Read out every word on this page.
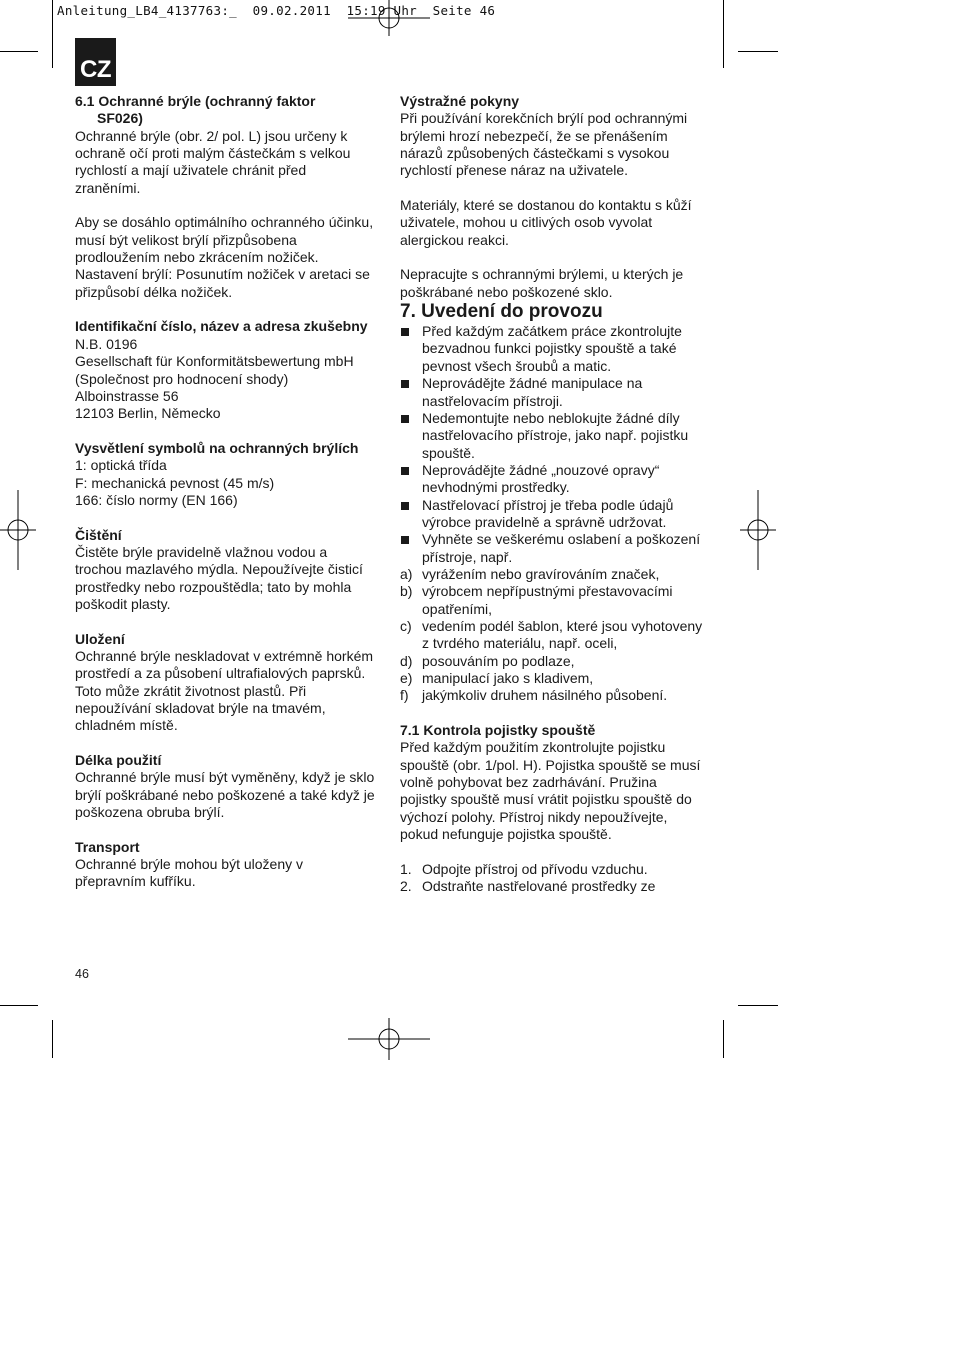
Anleitung_LB4_4137763:_  09.02.2011  15:19 Uhr  Seite 46
CZ

6.1 Ochranné brýle (ochranný faktor

SF026)

Ochranné brýle (obr. 2/ pol. L) jsou určeny k ochraně očí proti malým částečkám s velkou rychlostí a mají uživatele chránit před zraněními.

Aby se dosáhlo optimálního ochranného účinku, musí být velikost brýlí přizpůsobena prodloužením nebo zkrácením nožiček. Nastavení brýlí: Posunutím nožiček v aretaci se přizpůsobí délka nožiček.

Identifikační číslo, název a adresa zkušebny

N.B. 0196

Gesellschaft für Konformitätsbewertung mbH

(Společnost pro hodnocení shody)

Alboinstrasse 56

12103 Berlin, Německo

Vysvětlení symbolů na ochranných brýlích

1: optická třída

F: mechanická pevnost (45 m/s)

166: číslo normy (EN 166)

Čištění

Čistěte brýle pravidelně vlažnou vodou a trochou mazlavého mýdla. Nepoužívejte čisticí prostředky nebo rozpouštědla; tato by mohla poškodit plasty.

Uložení

Ochranné brýle neskladovat v extrémně horkém prostředí a za působení ultrafialových paprsků. Toto může zkrátit životnost plastů. Při nepoužívání skladovat brýle na tmavém, chladném místě.

Délka použití

Ochranné brýle musí být vyměněny, když je sklo brýlí poškrábané nebo poškozené a také když je poškozena obruba brýlí.

Transport

Ochranné brýle mohou být uloženy v přepravním kufříku.

Výstražné pokyny

Při používání korekčních brýlí pod ochrannými brýlemi hrozí nebezpečí, že se přenášením nárazů způsobených částečkami s vysokou rychlostí přenese náraz na uživatele.

Materiály, které se dostanou do kontaktu s kůží uživatele, mohou u citlivých osob vyvolat alergickou reakci.

Nepracujte s ochrannými brýlemi, u kterých je poškrábané nebo poškozené sklo.

7. Uvedení do provozu

Před každým začátkem práce zkontrolujte bezvadnou funkci pojistky spouště a také pevnost všech šroubů a matic.
Neprovádějte žádné manipulace na nastřelovacím přístroji.
Nedemontujte nebo neblokujte žádné díly nastřelovacího přístroje, jako např. pojistku spouště.
Neprovádějte žádné „nouzové opravy“ nevhodnými prostředky.
Nastřelovací přístroj je třeba podle údajů výrobce pravidelně a správně udržovat.
Vyhněte se veškerému oslabení a poškození přístroje, např.
a) vyrážením nebo gravírováním značek,
b) výrobcem nepřípustnými přestavovacími opatřeními,
c) vedením podél šablon, které jsou vyhotoveny z tvrdého materiálu, např. oceli,
d) posouváním po podlaze,
e) manipulací jako s kladivem,
f) jakýmkoliv druhem násilného působení.

7.1 Kontrola pojistky spouště

Před každým použitím zkontrolujte pojistku spouště (obr. 1/pol. H). Pojistka spouště se musí volně pohybovat bez zadrhávání. Pružina pojistky spouště musí vrátit pojistku spouště do výchozí polohy. Přístroj nikdy nepoužívejte, pokud nefunguje pojistka spouště.

1. Odpojte přístroj od přívodu vzduchu.
2. Odstraňte nastřelované prostředky ze
46
